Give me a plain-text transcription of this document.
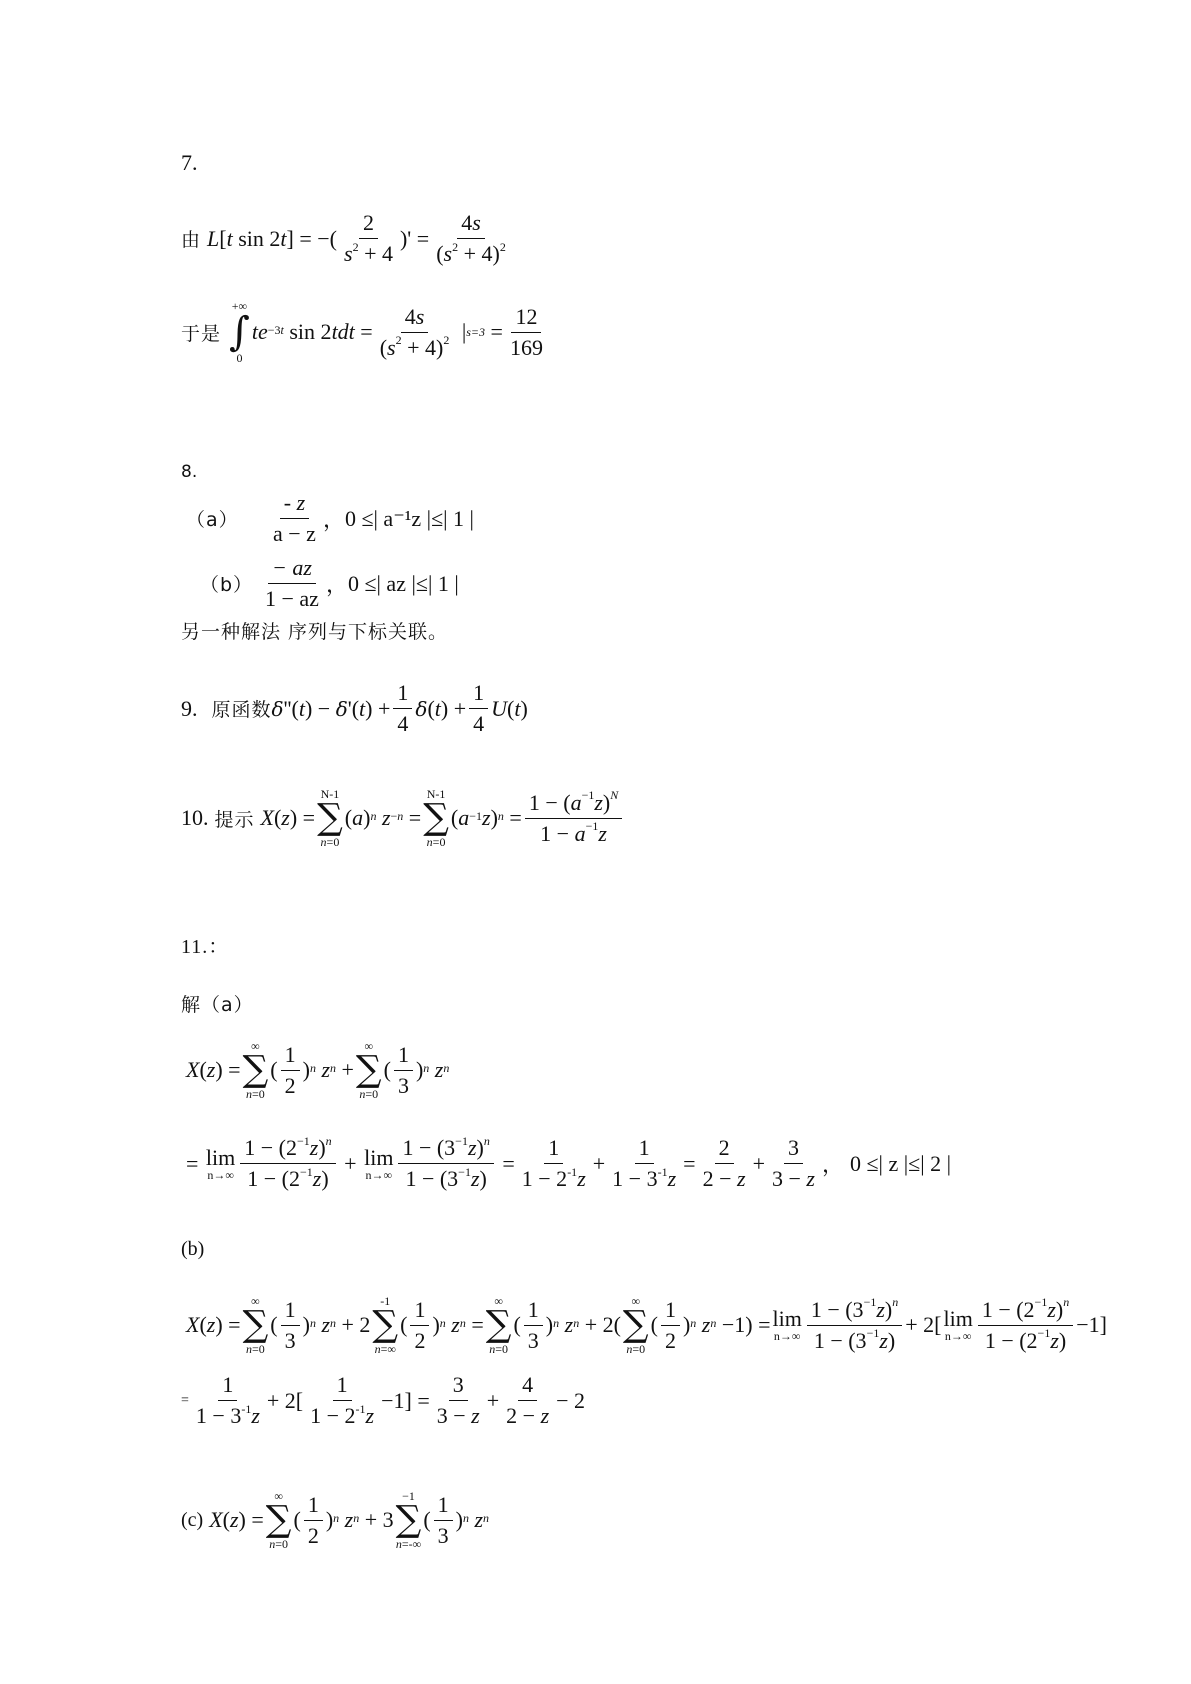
7.
由 L [ t sin 2 t ] = −( $\frac{2}{s^2 + 4}$ )' = $\frac{4s}{(s^2 + 4)^2}$
于是
+∞
∫
0
$te^{-3t}$ sin 2 tdt = $\frac{4s}{(s^2 + 4)^2}$ | $s=3 = \frac{12}{169}$
8.
（a）	$\frac{- z}{a - z}$ ， 0 ≤| a⁻¹z |≤| 1 |
$(b) \frac{- az}{1 - az}$ ， 0 ≤| az |≤| 1 |
另一种解法 序列与下标关联。
9. 原函数 δ ''( t ) − δ '( t ) + $\frac{1}{4}$ δ ( t ) + $\frac{1}{4}$ U ( t )
10. 提示 X ( z ) =
N-1
∑
n=0
( a )$^n$
$z^{-n}$ =
N-1
∑
n=0
( $a^{-1}$ z )$^n = \frac{1 - (a^{-1}z)^N}{1 - a^{-1}z}$
11.：
解（a）
X ( z ) =
∞
∑
n=0
( $\frac{1}{2} )^n$
$z^n$ +
∞
∑
n=0
( $\frac{1}{3} )^n$
$z^n$
= lim
$n\to\infty \frac{1 - (2^{-1}z)^n}{1 - (2^{-1}z)} + \lim$
$n\to\infty \frac{1 - (3^{-1}z)^n}{1 - (3^{-1}z)} = \frac{1}{1 - 2^{-1}z} + \frac{1}{1 - 3^{-1}z} = \frac{2}{2 - z} + \frac{3}{3 - z}$ ， 0 ≤| z |≤| 2 |
(b)
X ( z ) =
∞
∑
n=0
( $\frac{1}{3} )^n$
$z^n + 2$
-1
∑
n=∞
( $\frac{1}{2} )^n$
$z^n$ =
∞
∑
n=0
( $\frac{1}{3} )^n$
$z^n + 2$(
∞
∑
n=0
( $\frac{1}{2} )^n$
$z^n -1) = \lim$
$n\to\infty \frac{1 - (3^{-1}z)^n}{1 - (3^{-1}z)} + 2$[ lim
$n\to\infty \frac{1 - (2^{-1}z)^n}{1 - (2^{-1}z)} -1$]
= $\frac{1}{1 - 3^{-1}z} + 2[ \frac{1}{1 - 2^{-1}z} -1] = \frac{3}{3 - z} + \frac{4}{2 - z} - 2$
(c) X ( z ) =
∞
∑
n=0
( $\frac{1}{2} )^n$
$z^n + 3$
−1
∑
n=-∞
( $\frac{1}{3} )^n$
$z^n$
